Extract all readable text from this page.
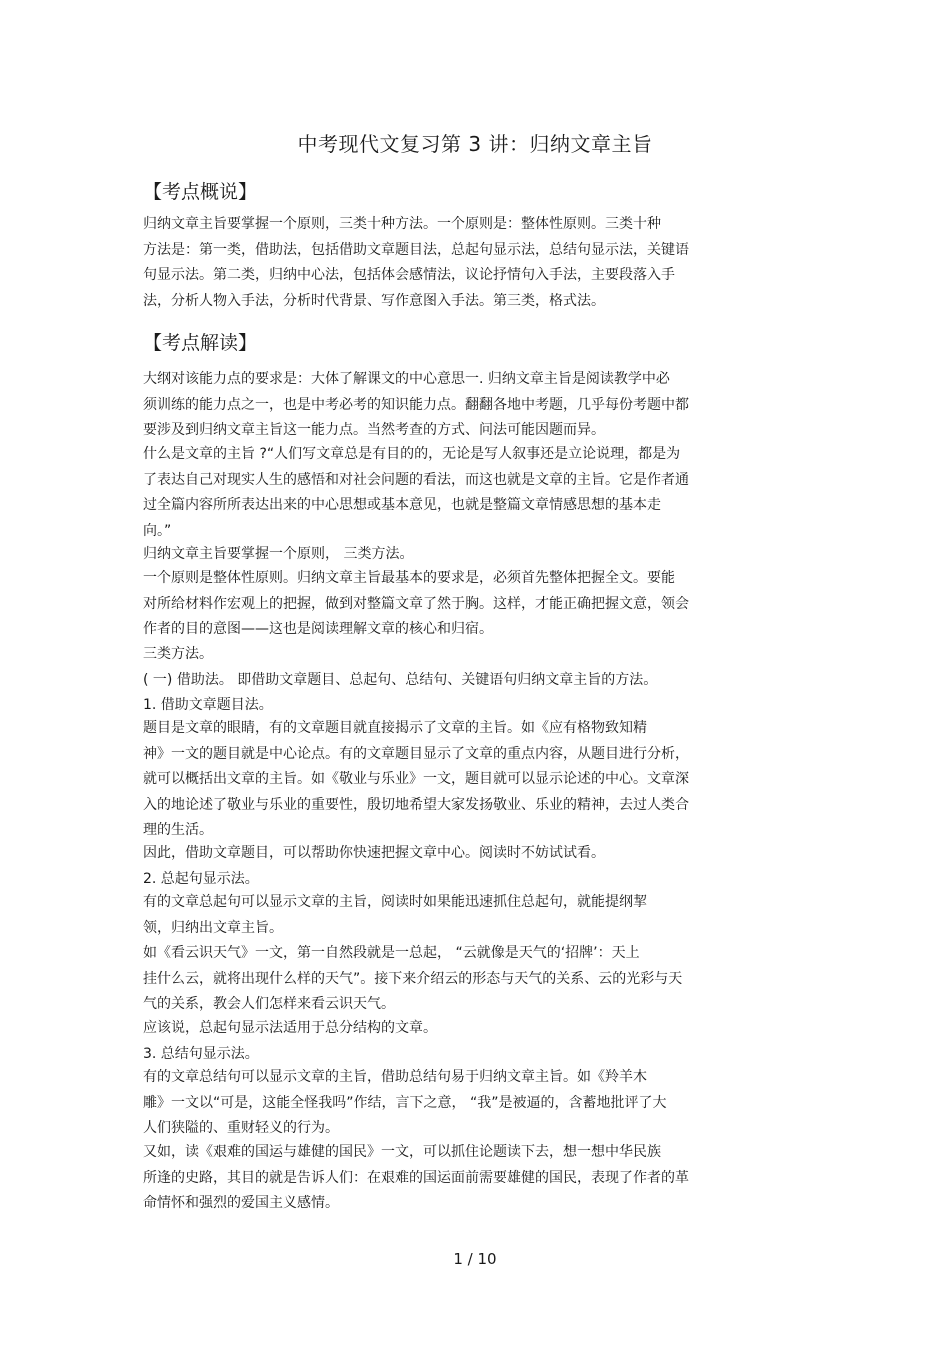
中考现代文复习第 3 讲：归纳文章主旨
【考点概说】
归纳文章主旨要掌握一个原则，三类十种方法。一个原则是：整体性原则。三类十种
方法是：第一类，借助法，包括借助文章题目法，总起句显示法，总结句显示法，关键语
句显示法。第二类，归纳中心法，包括体会感情法，议论抒情句入手法，主要段落入手
法，分析人物入手法，分析时代背景、写作意图入手法。第三类，格式法。
【考点解读】
大纲对该能力点的要求是：大体了解课文的中心意思一. 归纳文章主旨是阅读教学中必
须训练的能力点之一，也是中考必考的知识能力点。翻翻各地中考题，几乎每份考题中都
要涉及到归纳文章主旨这一能力点。当然考查的方式、问法可能因题而异。
什么是文章的主旨 ?“人们写文章总是有目的的，无论是写人叙事还是立论说理，都是为
了表达自己对现实人生的感悟和对社会问题的看法，而这也就是文章的主旨。它是作者通
过全篇内容所所表达出来的中心思想或基本意见，也就是整篇文章情感思想的基本走
向。”
归纳文章主旨要掌握一个原则， 三类方法。
一个原则是整体性原则。归纳文章主旨最基本的要求是，必须首先整体把握全文。要能
对所给材料作宏观上的把握，做到对整篇文章了然于胸。这样，才能正确把握文意，领会
作者的目的意图——这也是阅读理解文章的核心和归宿。
三类方法。
( 一) 借助法。 即借助文章题目、总起句、总结句、关键语句归纳文章主旨的方法。
1. 借助文章题目法。
题目是文章的眼睛，有的文章题目就直接揭示了文章的主旨。如《应有格物致知精
神》一文的题目就是中心论点。有的文章题目显示了文章的重点内容，从题目进行分析，
就可以概括出文章的主旨。如《敬业与乐业》一文，题目就可以显示论述的中心。文章深
入的地论述了敬业与乐业的重要性，殷切地希望大家发扬敬业、乐业的精神，去过人类合
理的生活。
因此，借助文章题目，可以帮助你快速把握文章中心。阅读时不妨试试看。
2. 总起句显示法。
有的文章总起句可以显示文章的主旨，阅读时如果能迅速抓住总起句，就能提纲挈
领，归纳出文章主旨。
如《看云识天气》一文，第一自然段就是一总起， “云就像是天气的‘招牌’：天上
挂什么云，就将出现什么样的天气”。接下来介绍云的形态与天气的关系、云的光彩与天
气的关系，教会人们怎样来看云识天气。
应该说，总起句显示法适用于总分结构的文章。
3. 总结句显示法。
有的文章总结句可以显示文章的主旨，借助总结句易于归纳文章主旨。如《羚羊木
雕》一文以“可是，这能全怪我吗”作结，言下之意， “我”是被逼的，含蓄地批评了大
人们狭隘的、重财轻义的行为。
又如，读《艰难的国运与雄健的国民》一文，可以抓住论题读下去，想一想中华民族
所逢的史路，其目的就是告诉人们：在艰难的国运面前需要雄健的国民，表现了作者的革
命情怀和强烈的爱国主义感情。
1 / 10
